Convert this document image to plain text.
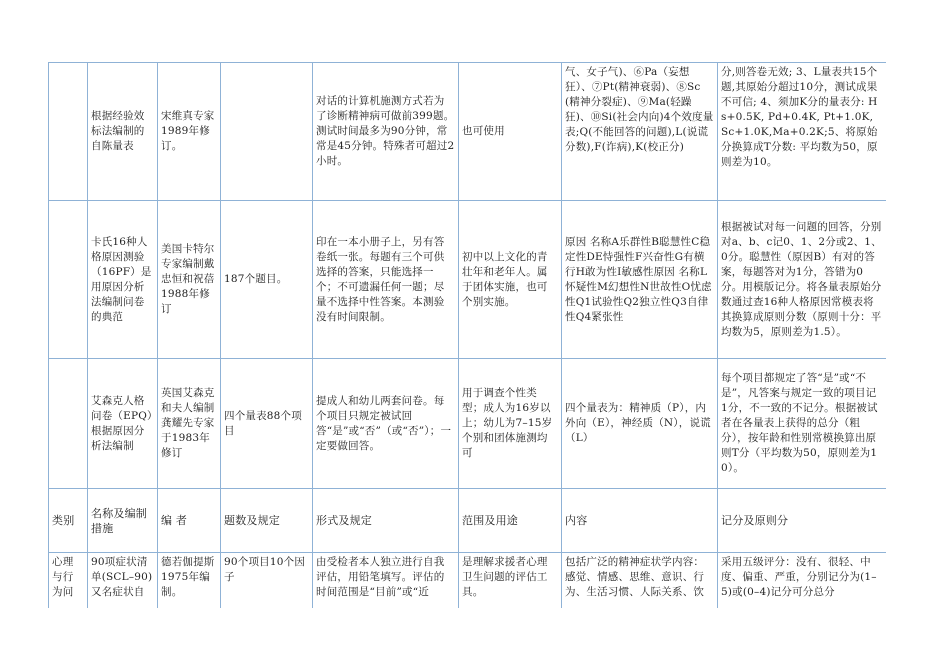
	根据经验效标法编制的自陈量表	宋维真专家1989年修订。		对话的计算机施测方式若为了诊断精神病可做前399题。测试时间最多为90分钟，常常是45分钟。特殊者可超过2小时。	也可使用	气、女子气)、⑥Pa（妄想狂）、⑦Pt(精神衰弱)、⑧Sc(精神分裂症)、⑨Ma(轻躁狂)、⑩Si(社会内向)4个效度量表;Q(不能回答的问题),L(说谎分数),F(诈病),K(校正分)	分,则答卷无效; 3、L量表共15个题,其原始分超过10分，测试成果不可信; 4、须加K分的量表分: Hs+0.5K, Pd+0.4K, Pt+1.0K, Sc+1.0K,Ma+0.2K;5、将原始分换算成T分数: 平均数为50，原则差为10。
	卡氏16种人格原因测验（16PF）是用原因分析法编制问卷的典范	美国卡特尔专家编制戴忠恒和祝蓓1988年修订	187个题目。	印在一本小册子上，另有答卷纸一张。每题有三个可供选择的答案，只能选择一个；不可遗漏任何一题；尽量不选择中性答案。本测验没有时间限制。	初中以上文化的青壮年和老年人。属于团体实施，也可个别实施。	原因 名称A乐群性B聪慧性C稳定性DE恃强性F兴奋性G有横行H敢为性I敏感性原因 名称L怀疑性M幻想性N世故性O忧虑性Q1试验性Q2独立性Q3自律性Q4紧张性	根据被试对每一问题的回答，分别对a、b、c记0、1、2分或2、1、0分。聪慧性（原因B）有对的答案，每题答对为1分，答错为0分。用模版记分。将各量表原始分数通过查16种人格原因常模表将其换算成原则分数（原则十分：平均数为5，原则差为1.5）。
	艾森克人格问卷（EPQ）根据原因分析法编制	英国艾森克和夫人编制龚耀先专家于1983年修订	四个量表88个项目	提成人和幼儿两套问卷。每个项目只规定被试回答“是”或“否”（或“否”）；一定要做回答。	用于调查个性类型；成人为16岁以上；幼儿为7–15岁个别和团体施测均可	四个量表为：精神质（P），内外向（E），神经质（N），说谎（L）	每个项目都规定了答“是”或“不是”，凡答案与规定一致的项目记1分，不一致的不记分。根据被试者在各量表上获得的总分（粗分），按年龄和性别常模换算出原则T分（平均数为50，原则差为10）。
类别	名称及编制措施	编 者	题数及规定	形式及规定	范围及用途	内容	记分及原则分
心理与行为问	90项症状清单(SCL–90)又名症状自	德若伽提斯1975年编制。	90个项目10个因子	由受检者本人独立进行自我评估，用铅笔填写。评估的时间范围是“目前”或“近	是理解求援者心理卫生问题的评估工具。	包括广泛的精神症状学内容：感觉、情感、思维、意识、行为、生活习惯、人际关系、饮	采用五级评分：没有、很轻、中度、偏重、严重，分别记分为(1–5)或(0–4)记分可分总分
